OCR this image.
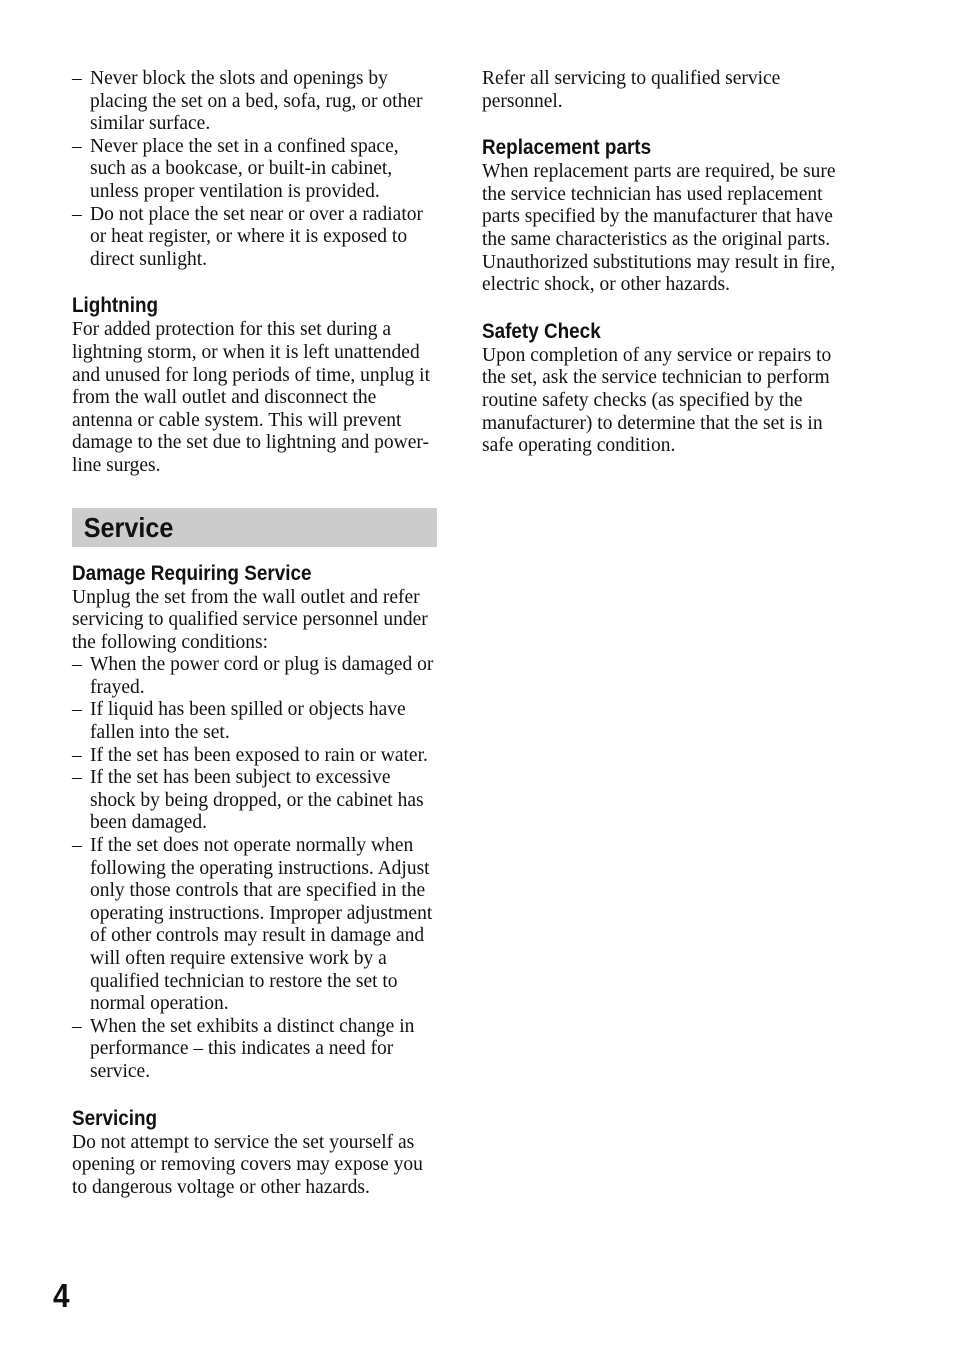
– Never block the slots and openings by placing the set on a bed, sofa, rug, or other similar surface.
– Never place the set in a confined space, such as a bookcase, or built-in cabinet, unless proper ventilation is provided.
– Do not place the set near or over a radiator or heat register, or where it is exposed to direct sunlight.
Lightning

For added protection for this set during a lightning storm, or when it is left unattended and unused for long periods of time, unplug it from the wall outlet and disconnect the antenna or cable system. This will prevent damage to the set due to lightning and power-line surges.

Service
Damage Requiring Service

Unplug the set from the wall outlet and refer servicing to qualified service personnel under the following conditions:

– When the power cord or plug is damaged or frayed.
– If liquid has been spilled or objects have fallen into the set.
– If the set has been exposed to rain or water.
– If the set has been subject to excessive shock by being dropped, or the cabinet has been damaged.
– If the set does not operate normally when following the operating instructions. Adjust only those controls that are specified in the operating instructions. Improper adjustment of other controls may result in damage and will often require extensive work by a qualified technician to restore the set to normal operation.
– When the set exhibits a distinct change in performance – this indicates a need for service.
Servicing

Do not attempt to service the set yourself as opening or removing covers may expose you to dangerous voltage or other hazards.

Refer all servicing to qualified service personnel.

Replacement parts

When replacement parts are required, be sure the service technician has used replacement parts specified by the manufacturer that have the same characteristics as the original parts. Unauthorized substitutions may result in fire, electric shock, or other hazards.

Safety Check

Upon completion of any service or repairs to the set, ask the service technician to perform routine safety checks (as specified by the manufacturer) to determine that the set is in safe operating condition.

4
